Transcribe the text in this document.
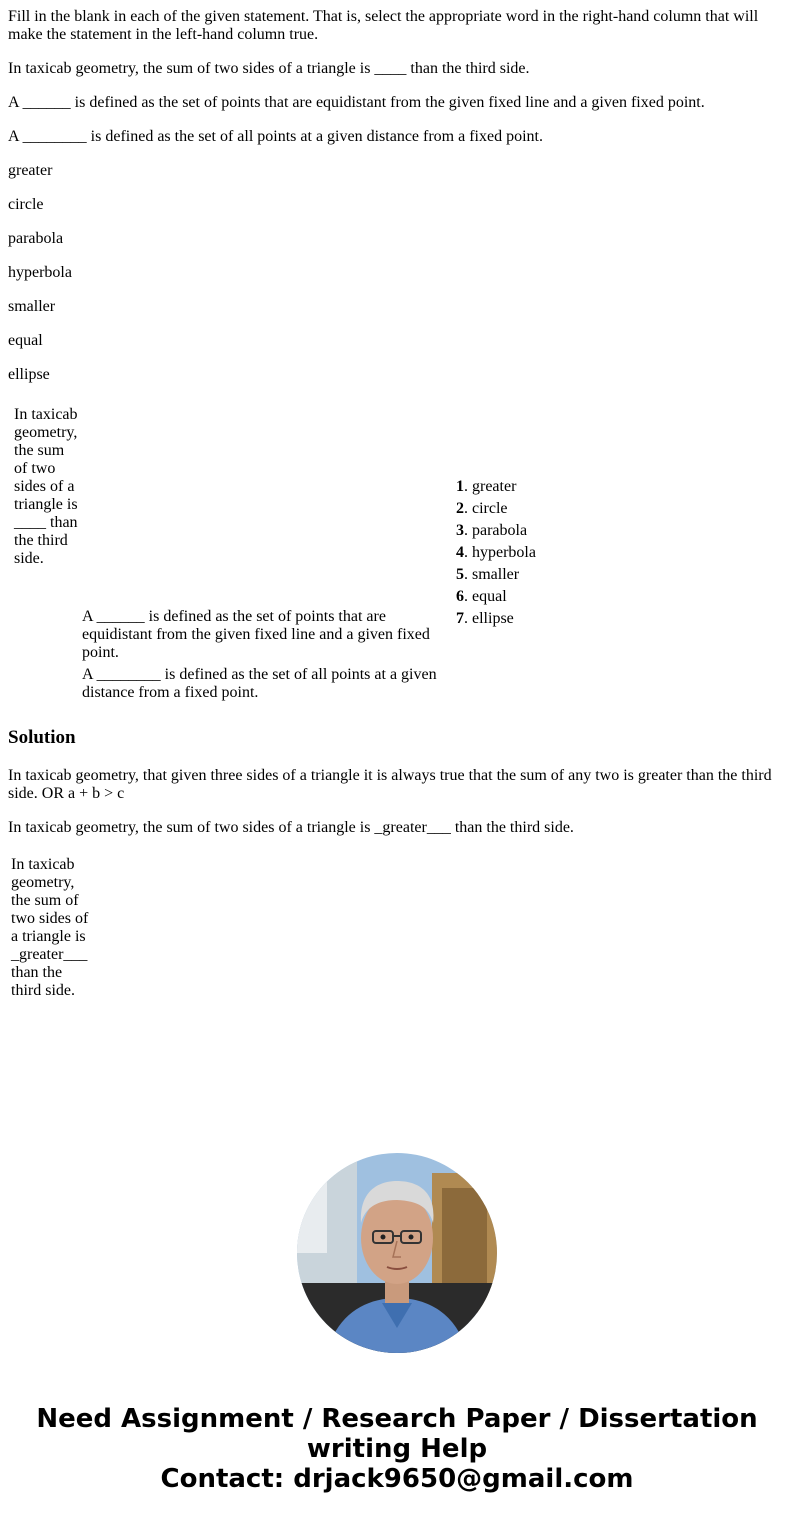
Fill in the blank in each of the given statement. That is, select the appropriate word in the right-hand column that will make the statement in the left-hand column true.

In taxicab geometry, the sum of two sides of a triangle is ____ than the third side.

A ______ is defined as the set of points that are equidistant from the given fixed line and a given fixed point.

A ________ is defined as the set of all points at a given distance from a fixed point.

greater

circle

parabola

hyperbola

smaller

equal

ellipse

In taxicab geometry, the sum of two sides of a triangle is ____ than the third side.
A ______ is defined as the set of points that are equidistant from the given fixed line and a given fixed point.
A ________ is defined as the set of all points at a given distance from a fixed point.
1. greater
2. circle
3. parabola
4. hyperbola
5. smaller
6. equal
7. ellipse
Solution

In taxicab geometry, that given three sides of a triangle it is always true that the sum of any two is greater than the third side. OR a + b > c

In taxicab geometry, the sum of two sides of a triangle is _greater___ than the third side.

In taxicab geometry, the sum of two sides of a triangle is _greater___ than the third side.
Need Assignment / Research Paper / Dissertation
writing Help
Contact: drjack9650@gmail.com
